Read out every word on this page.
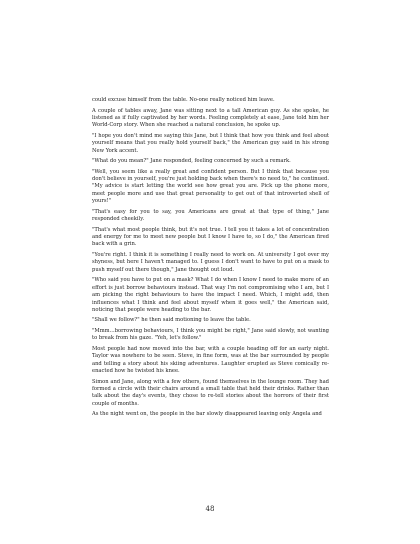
could excuse himself from the table. No-one really noticed him leave.

A couple of tables away, Jane was sitting next to a tall American guy. As she spoke, he listened as if fully captivated by her words. Feeling completely at ease, Jane told him her World-Corp story. When she reached a natural conclusion, he spoke up.

"I hope you don't mind me saying this Jane, but I think that how you think and feel about yourself means that you really hold yourself back," the American guy said in his strong New York accent.

"What do you mean?" Jane responded, feeling concerned by such a remark.

"Well, you seem like a really great and confident person. But I think that because you don't believe in yourself, you're just holding back when there's no need to," he continued. "My advice is start letting the world see how great you are. Pick up the phone more, meet people more and use that great personality to get out of that introverted shell of yours!"

"That's easy for you to say, you Americans are great at that type of thing," Jane responded cheekily.

"That's what most people think, but it's not true. I tell you it takes a lot of concentration and energy for me to meet new people but I know I have to, so I do," the American fired back with a grin.

"You're right. I think it is something I really need to work on. At university I got over my shyness, but here I haven't managed to. I guess I don't want to have to put on a mask to push myself out there though," Jane thought out loud.

"Who said you have to put on a mask? What I do when I know I need to make more of an effort is just borrow behaviours instead. That way I'm not compromising who I am, but I am picking the right behaviours to have the impact I need. Which, I might add, then influences what I think and feel about myself when it goes well," the American said, noticing that people were heading to the bar.

"Shall we follow?" he then said motioning to leave the table.

"Mmm…borrowing behaviours, I think you might be right," Jane said slowly, not wanting to break from his gaze. "Yeh, let's follow."

Most people had now moved into the bar, with a couple heading off for an early night. Taylor was nowhere to be seen. Steve, in fine form, was at the bar surrounded by people and telling a story about his skiing adventures. Laughter erupted as Steve comically re-enacted how he twisted his knee.

Simon and Jane, along with a few others, found themselves in the lounge room. They had formed a circle with their chairs around a small table that held their drinks. Rather than talk about the day's events, they chose to re-tell stories about the horrors of their first couple of months.

As the night went on, the people in the bar slowly disappeared leaving only Angela and

48
